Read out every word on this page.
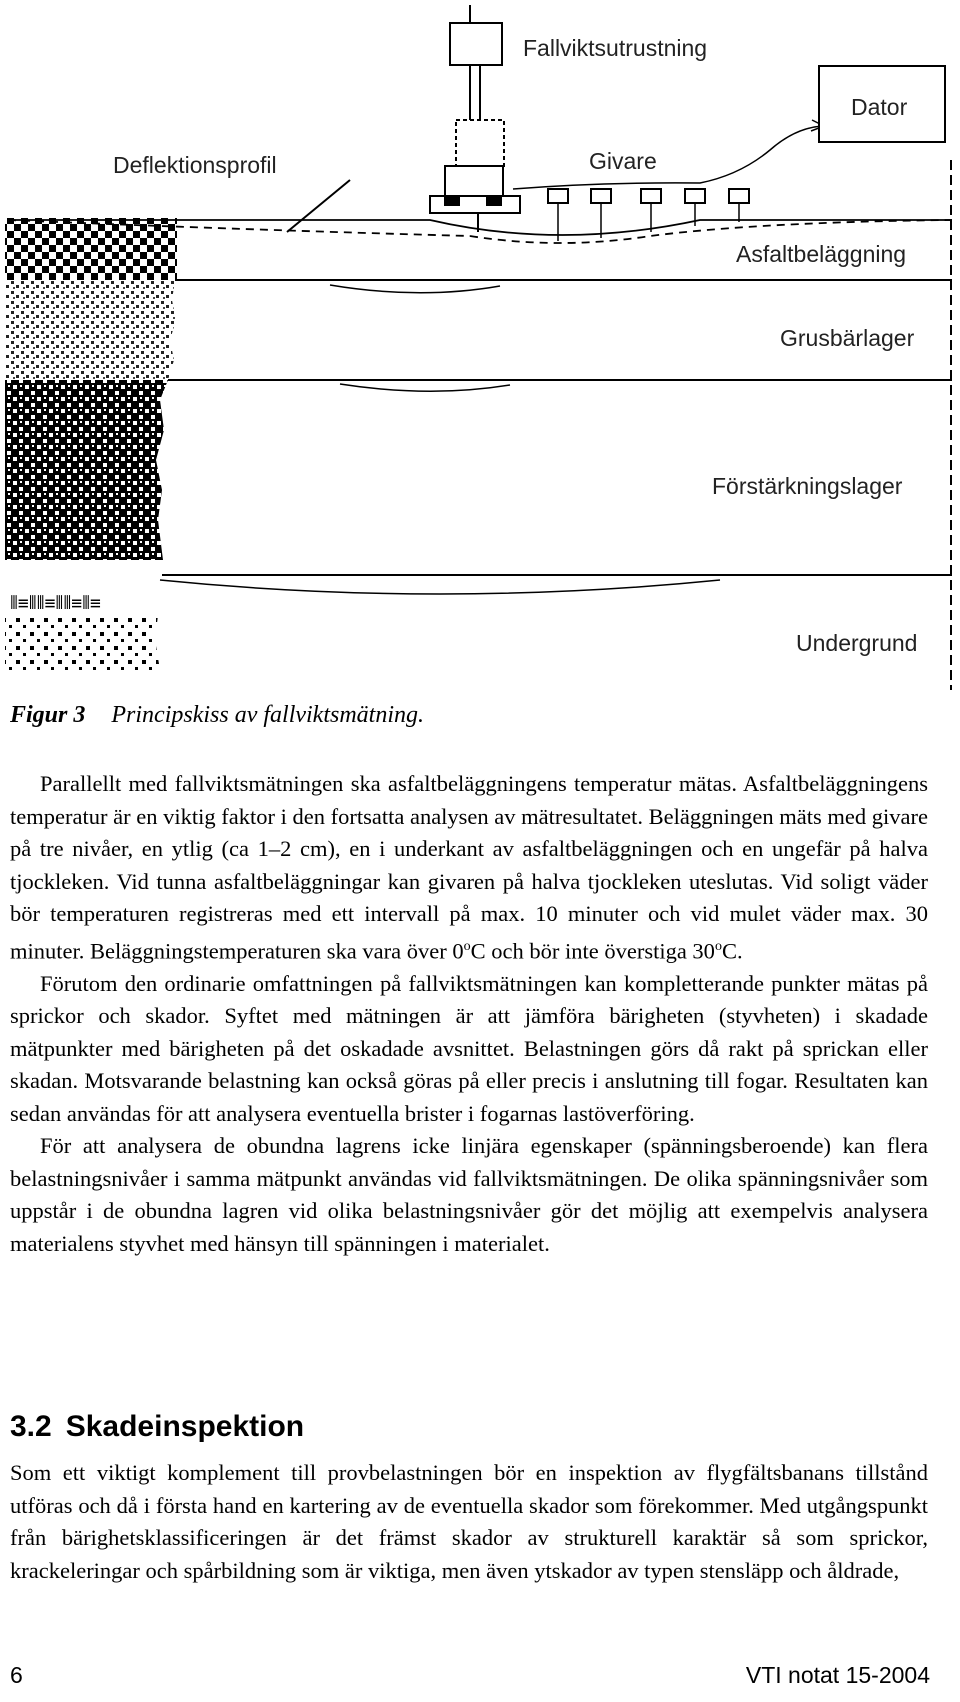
⦀≡⦀⦀≡⦀⦀≡⦀≡
Fallviktsutrustning
Dator
Deflektionsprofil	Givare
Asfaltbeläggning
Grusbärlager
Förstärkningslager
Undergrund
Figur 3 Principskiss av fallviktsmätning.

Parallellt med fallviktsmätningen ska asfaltbeläggningens temperatur mätas. Asfaltbeläggningens temperatur är en viktig faktor i den fortsatta analysen av mätresultatet. Beläggningen mäts med givare på tre nivåer, en ytlig (ca 1–2 cm), en i underkant av asfaltbeläggningen och en ungefär på halva tjockleken. Vid tunna asfaltbeläggningar kan givaren på halva tjockleken uteslutas. Vid soligt väder bör temperaturen registreras med ett intervall på max. 10 minuter och vid mulet väder max. 30 minuter. Beläggningstemperaturen ska vara över 0$^o$C och bör inte överstiga 30$^o$C.

Förutom den ordinarie omfattningen på fallviktsmätningen kan kompletterande punkter mätas på sprickor och skador. Syftet med mätningen är att jämföra bärigheten (styvheten) i skadade mätpunkter med bärigheten på det oskadade avsnittet. Belastningen görs då rakt på sprickan eller skadan. Motsvarande belastning kan också göras på eller precis i anslutning till fogar. Resultaten kan sedan användas för att analysera eventuella brister i fogarnas lastöverföring.

För att analysera de obundna lagrens icke linjära egenskaper (spänningsberoende) kan flera belastningsnivåer i samma mätpunkt användas vid fallviktsmätningen. De olika spänningsnivåer som uppstår i de obundna lagren vid olika belastningsnivåer gör det möjlig att exempelvis analysera materialens styvhet med hänsyn till spänningen i materialet.

3.2 Skadeinspektion

Som ett viktigt komplement till provbelastningen bör en inspektion av flygfältsbanans tillstånd utföras och då i första hand en kartering av de eventuella skador som förekommer. Med utgångspunkt från bärighetsklassificeringen är det främst skador av strukturell karaktär så som sprickor, krackeleringar och spårbildning som är viktiga, men även ytskador av typen stensläpp och åldrade,

6	VTI notat 15-2004
